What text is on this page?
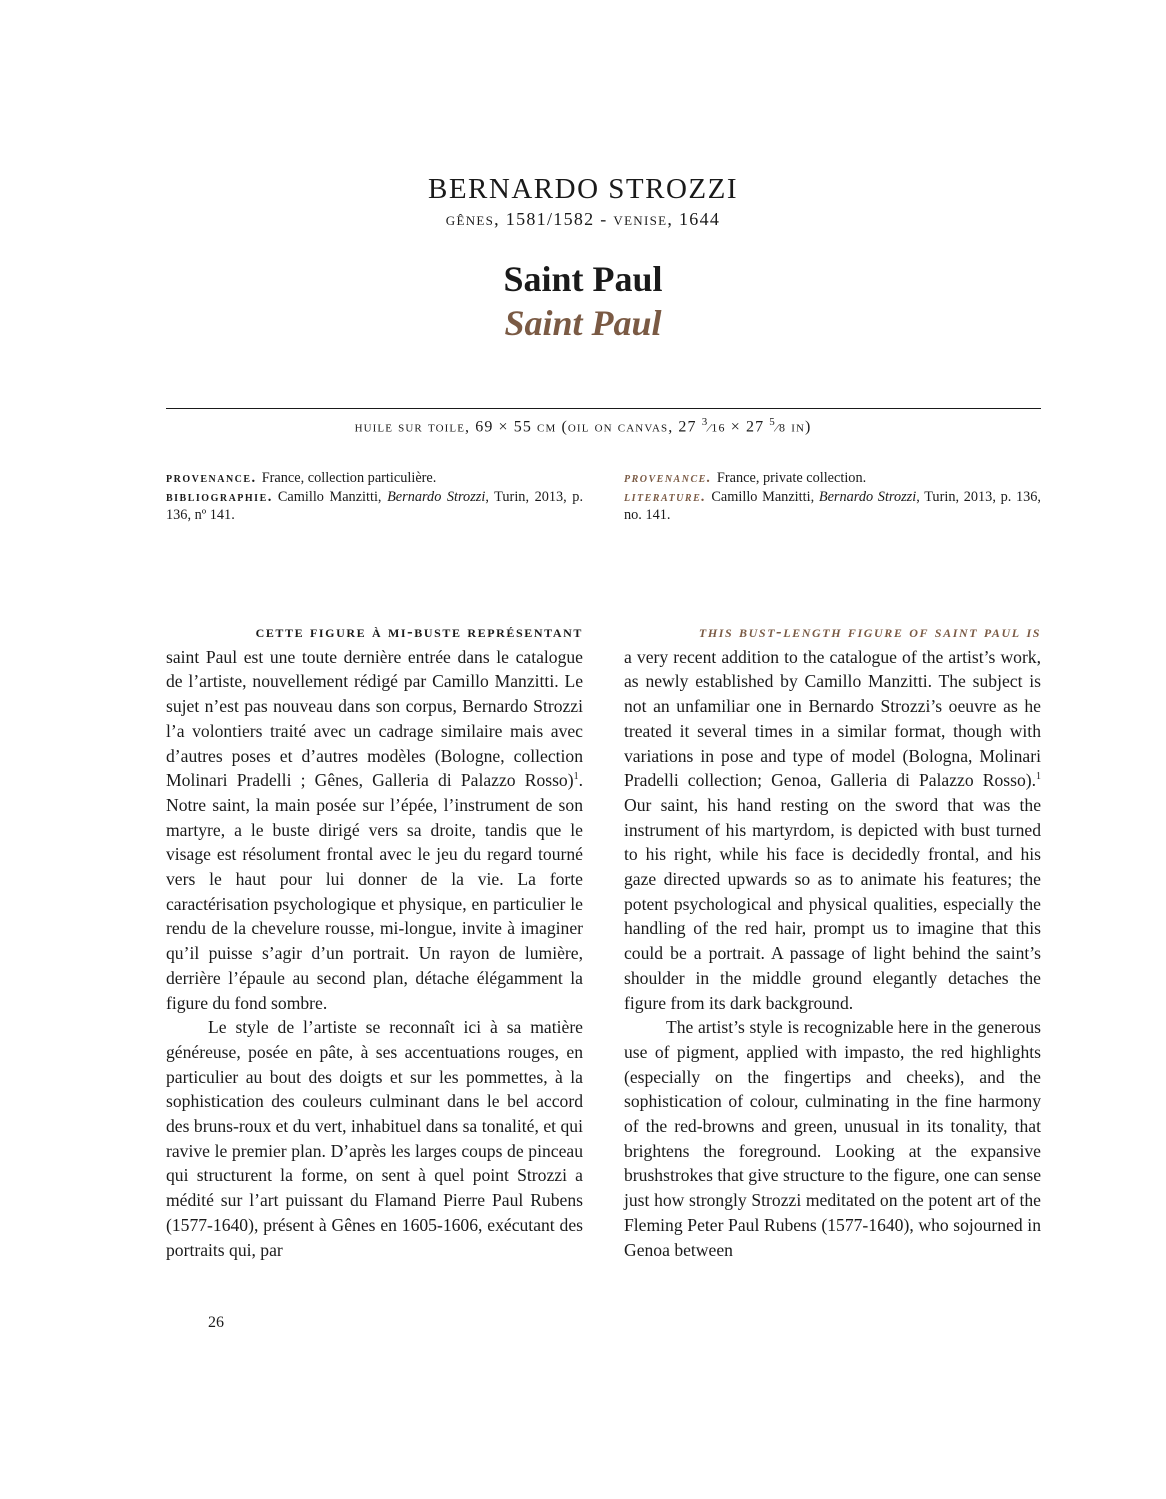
BERNARDO STROZZI
gênes, 1581/1582 - venise, 1644
Saint Paul
Saint Paul
huile sur toile, 69 × 55 cm (oil on canvas, 27 $^3$⁄16 × 27 $^5$⁄8 in)
provenance. France, collection particulière.
bibliographie. Camillo Manzitti, Bernardo Strozzi, Turin, 2013, p. 136, nº 141.
provenance. France, private collection.
literature. Camillo Manzitti, Bernardo Strozzi, Turin, 2013, p. 136, no. 141.
cette figure à mi-buste représentant

saint Paul est une toute dernière entrée dans le catalogue de l’artiste, nouvellement rédigé par Camillo Manzitti. Le sujet n’est pas nouveau dans son corpus, Bernardo Strozzi l’a volontiers traité avec un cadrage similaire mais avec d’autres poses et d’autres modèles (Bologne, collection Molinari Pradelli ; Gênes, Galleria di Palazzo Rosso)$^1$. Notre saint, la main posée sur l’épée, l’instrument de son martyre, a le buste dirigé vers sa droite, tandis que le visage est résolument frontal avec le jeu du regard tourné vers le haut pour lui donner de la vie. La forte caractérisation psychologique et physique, en particulier le rendu de la chevelure rousse, mi-longue, invite à imaginer qu’il puisse s’agir d’un portrait. Un rayon de lumière, derrière l’épaule au second plan, détache élégamment la figure du fond sombre.

Le style de l’artiste se reconnaît ici à sa matière généreuse, posée en pâte, à ses accentuations rouges, en particulier au bout des doigts et sur les pommettes, à la sophistication des couleurs culminant dans le bel accord des bruns-roux et du vert, inhabituel dans sa tonalité, et qui ravive le premier plan. D’après les larges coups de pinceau qui structurent la forme, on sent à quel point Strozzi a médité sur l’art puissant du Flamand Pierre Paul Rubens (1577-1640), présent à Gênes en 1605-1606, exécutant des portraits qui, par

this bust-length figure of saint paul is

a very recent addition to the catalogue of the artist’s work, as newly established by Camillo Manzitti. The subject is not an unfamiliar one in Bernardo Strozzi’s oeuvre as he treated it several times in a similar format, though with variations in pose and type of model (Bologna, Molinari Pradelli collection; Genoa, Galleria di Palazzo Rosso).$^1$ Our saint, his hand resting on the sword that was the instrument of his martyrdom, is depicted with bust turned to his right, while his face is decidedly frontal, and his gaze directed upwards so as to animate his features; the potent psychological and physical qualities, especially the handling of the red hair, prompt us to imagine that this could be a portrait. A passage of light behind the saint’s shoulder in the middle ground elegantly detaches the figure from its dark background.

The artist’s style is recognizable here in the generous use of pigment, applied with impasto, the red highlights (especially on the fingertips and cheeks), and the sophistication of colour, culminating in the fine harmony of the red-browns and green, unusual in its tonality, that brightens the foreground. Looking at the expansive brushstrokes that give structure to the figure, one can sense just how strongly Strozzi meditated on the potent art of the Fleming Peter Paul Rubens (1577-1640), who sojourned in Genoa between

26
